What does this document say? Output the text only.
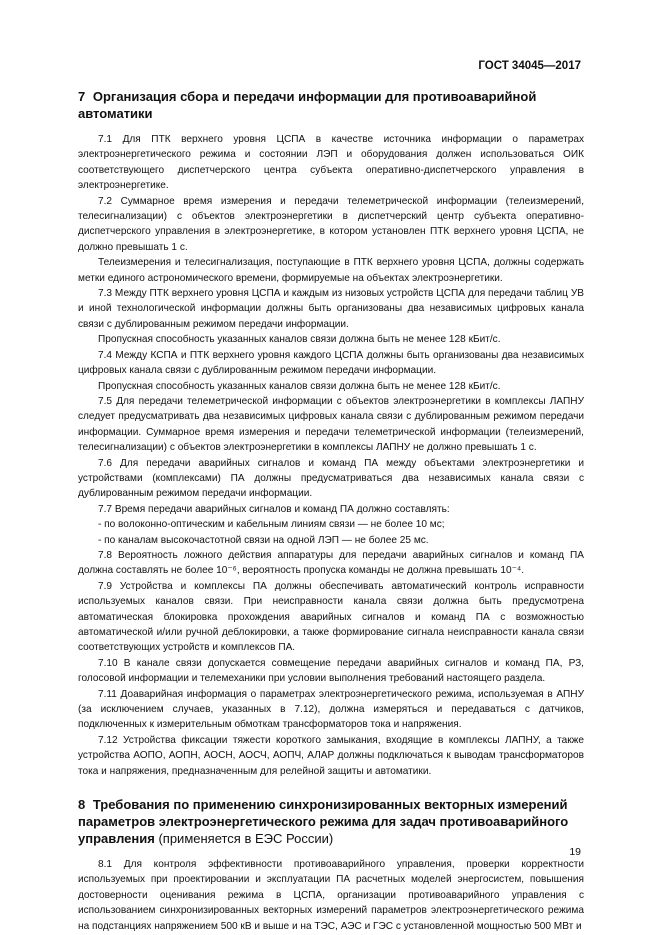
ГОСТ 34045—2017
7 Организация сбора и передачи информации для противоаварийной автоматики

7.1 Для ПТК верхнего уровня ЦСПА в качестве источника информации о параметрах электроэнергетического режима и состоянии ЛЭП и оборудования должен использоваться ОИК соответствующего диспетчерского центра субъекта оперативно-диспетчерского управления в электроэнергетике.

7.2 Суммарное время измерения и передачи телеметрической информации (телеизмерений, телесигнализации) с объектов электроэнергетики в диспетчерский центр субъекта оперативно-диспетчерского управления в электроэнергетике, в котором установлен ПТК верхнего уровня ЦСПА, не должно превышать 1 с.

Телеизмерения и телесигнализация, поступающие в ПТК верхнего уровня ЦСПА, должны содержать метки единого астрономического времени, формируемые на объектах электроэнергетики.

7.3 Между ПТК верхнего уровня ЦСПА и каждым из низовых устройств ЦСПА для передачи таблиц УВ и иной технологической информации должны быть организованы два независимых цифровых канала связи с дублированным режимом передачи информации.

Пропускная способность указанных каналов связи должна быть не менее 128 кБит/с.

7.4 Между КСПА и ПТК верхнего уровня каждого ЦСПА должны быть организованы два независимых цифровых канала связи с дублированным режимом передачи информации.

Пропускная способность указанных каналов связи должна быть не менее 128 кБит/с.

7.5 Для передачи телеметрической информации с объектов электроэнергетики в комплексы ЛАПНУ следует предусматривать два независимых цифровых канала связи с дублированным режимом передачи информации. Суммарное время измерения и передачи телеметрической информации (телеизмерений, телесигнализации) с объектов электроэнергетики в комплексы ЛАПНУ не должно превышать 1 с.

7.6 Для передачи аварийных сигналов и команд ПА между объектами электроэнергетики и устройствами (комплексами) ПА должны предусматриваться два независимых канала связи с дублированным режимом передачи информации.

7.7 Время передачи аварийных сигналов и команд ПА должно составлять:

- по волоконно-оптическим и кабельным линиям связи — не более 10 мс;

- по каналам высокочастотной связи на одной ЛЭП — не более 25 мс.

7.8 Вероятность ложного действия аппаратуры для передачи аварийных сигналов и команд ПА должна составлять не более 10⁻⁶, вероятность пропуска команды не должна превышать 10⁻⁴.

7.9 Устройства и комплексы ПА должны обеспечивать автоматический контроль исправности используемых каналов связи. При неисправности канала связи должна быть предусмотрена автоматическая блокировка прохождения аварийных сигналов и команд ПА с возможностью автоматической и/или ручной деблокировки, а также формирование сигнала неисправности канала связи соответствующих устройств и комплексов ПА.

7.10 В канале связи допускается совмещение передачи аварийных сигналов и команд ПА, РЗ, голосовой информации и телемеханики при условии выполнения требований настоящего раздела.

7.11 Доаварийная информация о параметрах электроэнергетического режима, используемая в АПНУ (за исключением случаев, указанных в 7.12), должна измеряться и передаваться с датчиков, подключенных к измерительным обмоткам трансформаторов тока и напряжения.

7.12 Устройства фиксации тяжести короткого замыкания, входящие в комплексы ЛАПНУ, а также устройства АОПО, АОПН, АОСН, АОСЧ, АОПЧ, АЛАР должны подключаться к выводам трансформаторов тока и напряжения, предназначенным для релейной защиты и автоматики.

8 Требования по применению синхронизированных векторных измерений параметров электроэнергетического режима для задач противоаварийного управления (применяется в ЕЭС России)

8.1 Для контроля эффективности противоаварийного управления, проверки корректности используемых при проектировании и эксплуатации ПА расчетных моделей энергосистем, повышения достоверности оценивания режима в ЦСПА, организации противоаварийного управления с использованием синхронизированных векторных измерений параметров электроэнергетического режима на подстанциях напряжением 500 кВ и выше и на ТЭС, АЭС и ГЭС с установленной мощностью 500 МВт и

19
